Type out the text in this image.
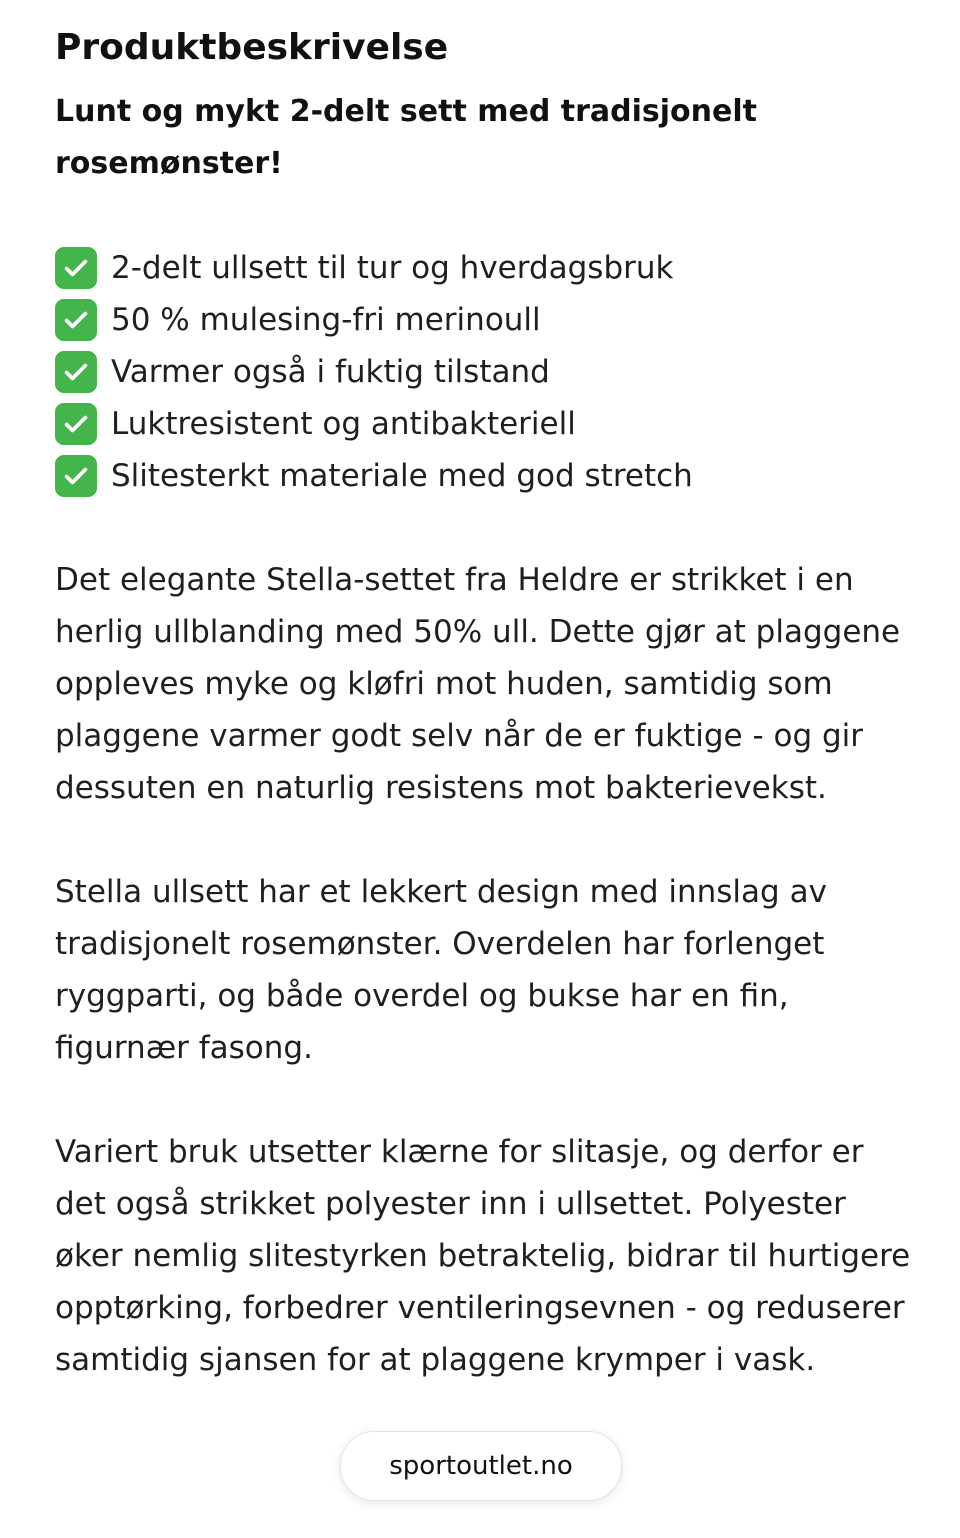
Produktbeskrivelse

Lunt og mykt 2-delt sett med tradisjonelt rosemønster!

2-delt ullsett til tur og hverdagsbruk
50 % mulesing-fri merinoull
Varmer også i fuktig tilstand
Luktresistent og antibakteriell
Slitesterkt materiale med god stretch

Det elegante Stella-settet fra Heldre er strikket i en herlig ullblanding med 50% ull. Dette gjør at plaggene oppleves myke og kløfri mot huden, samtidig som plaggene varmer godt selv når de er fuktige - og gir dessuten en naturlig resistens mot bakterievekst.

Stella ullsett har et lekkert design med innslag av tradisjonelt rosemønster. Overdelen har forlenget ryggparti, og både overdel og bukse har en fin, figurnær fasong.

Variert bruk utsetter klærne for slitasje, og derfor er det også strikket polyester inn i ullsettet. Polyester øker nemlig slitestyrken betraktelig, bidrar til hurtigere opptørking, forbedrer ventileringsevnen - og reduserer samtidig sjansen for at plaggene krymper i vask.

sportoutlet.no
